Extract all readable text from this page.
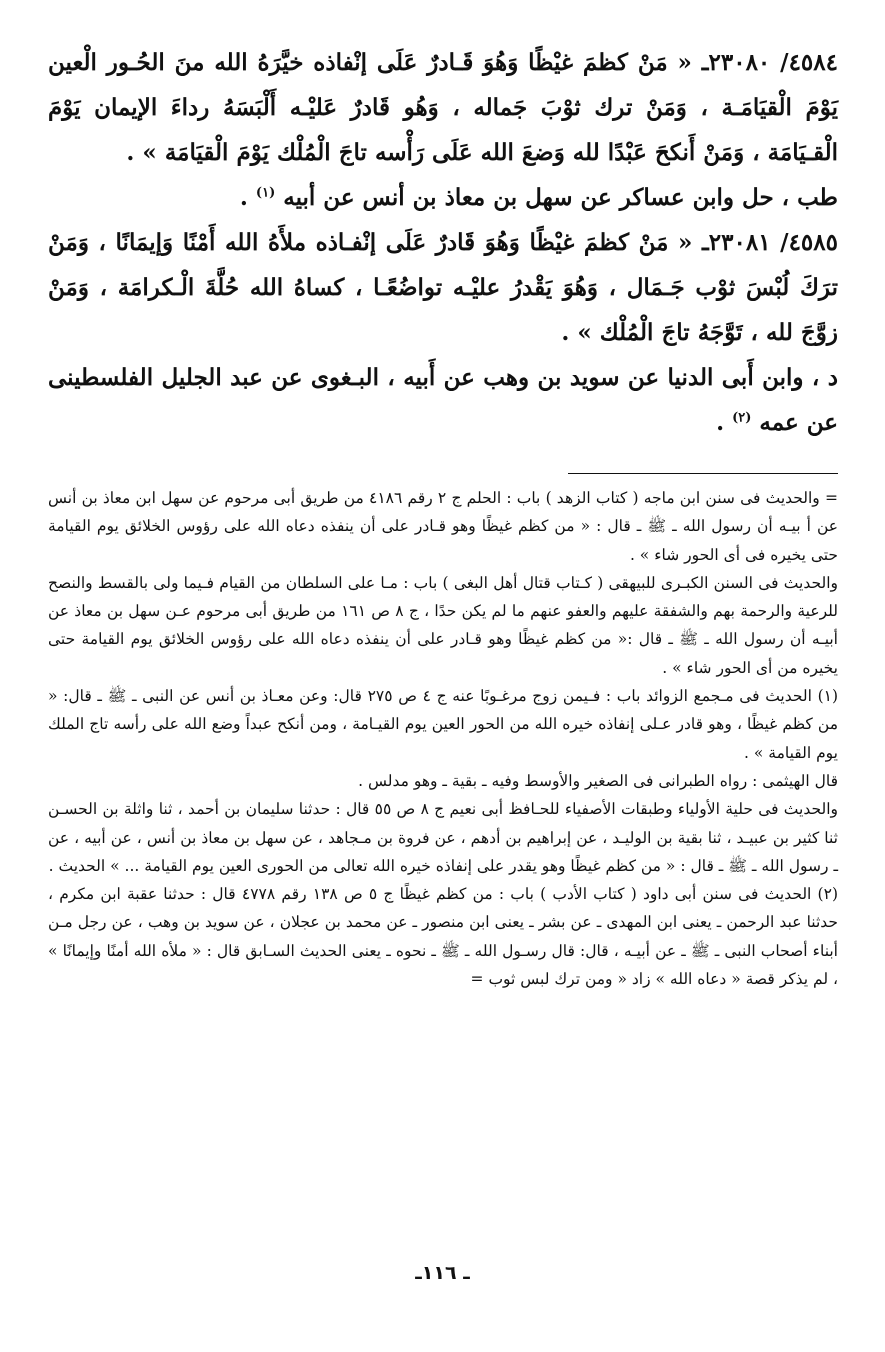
٤٥٨٤/ ٢٣٠٨٠ـ « مَنْ كظمَ غيْظًا وَهُوَ قَـادرٌ عَلَى إنْفاذه خيَّرَهُ الله منَ الحُـور الْعين يَوْمَ الْقيَامَـة ، وَمَنْ ترك ثوْبَ جَماله ، وَهُو قَادرٌ عَليْـه أَلْبَسَهُ رداءَ الإيمان يَوْمَ الْقـيَامَة ، وَمَنْ أَنكحَ عَبْدًا لله وَضعَ الله عَلَى رَأْسه تاجَ الْمُلْك يَوْمَ الْقيَامَة » .

طب ، حل وابن عساكر عن سهل بن معاذ بن أنس عن أبيه $^{(١)}$ .

٤٥٨٥/ ٢٣٠٨١ـ « مَنْ كظمَ غيْظًا وَهُوَ قَادرٌ عَلَى إنْفـاذه ملأَهُ الله أَمْنًا وَإيمَانًا ، وَمَنْ ترَكَ لُبْسَ ثوْب جَـمَال ، وَهُوَ يَقْدرُ عليْـه تواضُعًـا ، كساهُ الله حُلَّةَ الْـكرامَة ، وَمَنْ زوَّجَ لله ، تَوَّجَهُ تاجَ الْمُلْك » .

د ، وابن أَبى الدنيا عن سويد بن وهب عن أَبيه ، البـغوى عن عبد الجليل الفلسطينى عن عمه $^{(٢)}$ .

= والحديث فى سنن ابن ماجه ( كتاب الزهد ) باب : الحلم ج ٢ رقم ٤١٨٦ من طريق أبى مرحوم عن سهل ابن معاذ بن أنس عن أ بيـه أن رسول الله ـ ﷺ ـ قال : « من كظم غيظًا وهو قـادر على أن ينفذه دعاه الله على رؤوس الخلائق يوم القيامة حتى يخيره فى أى الحور شاء » .

والحديث فى السنن الكبـرى للبيهقى ( كـتاب قتال أهل البغى ) باب : مـا على السلطان من القيام فـيما ولى بالقسط والنصح للرعية والرحمة بهم والشفقة عليهم والعفو عنهم ما لم يكن حدًا ، ج ٨ ص ١٦١ من طريق أبى مرحوم عـن سهل بن معاذ عن أبيـه أن رسول الله ـ ﷺ ـ قال :« من كظم غيظًا وهو قـادر على أن ينفذه دعاه الله على رؤوس الخلائق يوم القيامة حتى يخيره من أى الحور شاء » .

(١) الحديث فى مـجمع الزوائد باب : فـيمن زوج مرغـوبًا عنه ج ٤ ص ٢٧٥ قال: وعن معـاذ بن أنس عن النبى ـ ﷺ ـ قال: « من كظم غيظًا ، وهو قادر عـلى إنفاذه خيره الله من الحور العين يوم القيـامة ، ومن أنكح عبداً وضع الله على رأسه تاج الملك يوم القيامة » .

قال الهيثمى : رواه الطبرانى فى الصغير والأوسط وفيه ـ بقية ـ وهو مدلس .

والحديث فى حلية الأولياء وطبقات الأصفياء للحـافظ أبى نعيم ج ٨ ص ٥٥ قال : حدثنا سليمان بن أحمد ، ثنا واثلة بن الحسـن ثنا كثير بن عبيـد ، ثنا بقية بن الوليـد ، عن إبراهيم بن أدهم ، عن فروة بن مـجاهد ، عن سهل بن معاذ بن أنس ، عن أبيه ، عن ـ رسول الله ـ ﷺ ـ قال : « من كظم غيظًا وهو يقدر على إنفاذه خيره الله تعالى من الحورى العين يوم القيامة ... » الحديث .

(٢) الحديث فى سنن أبى داود ( كتاب الأدب ) باب : من كظم غيظًا ج ٥ ص ١٣٨ رقم ٤٧٧٨ قال : حدثنا عقبة ابن مكرم ، حدثنا عبد الرحمن ـ يعنى ابن المهدى ـ عن بشر ـ يعنى ابن منصور ـ عن محمد بن عجلان ، عن سويد بن وهب ، عن رجل مـن أبناء أصحاب النبى ـ ﷺ ـ عن أبيـه ، قال: قال رسـول الله ـ ﷺ ـ نحوه ـ يعنى الحديث السـابق قال : « ملأه الله أمنًا وإيمانًا » ، لم يذكر قصة « دعاه الله » زاد « ومن ترك لبس ثوب =

ـ ١١٦ـ
